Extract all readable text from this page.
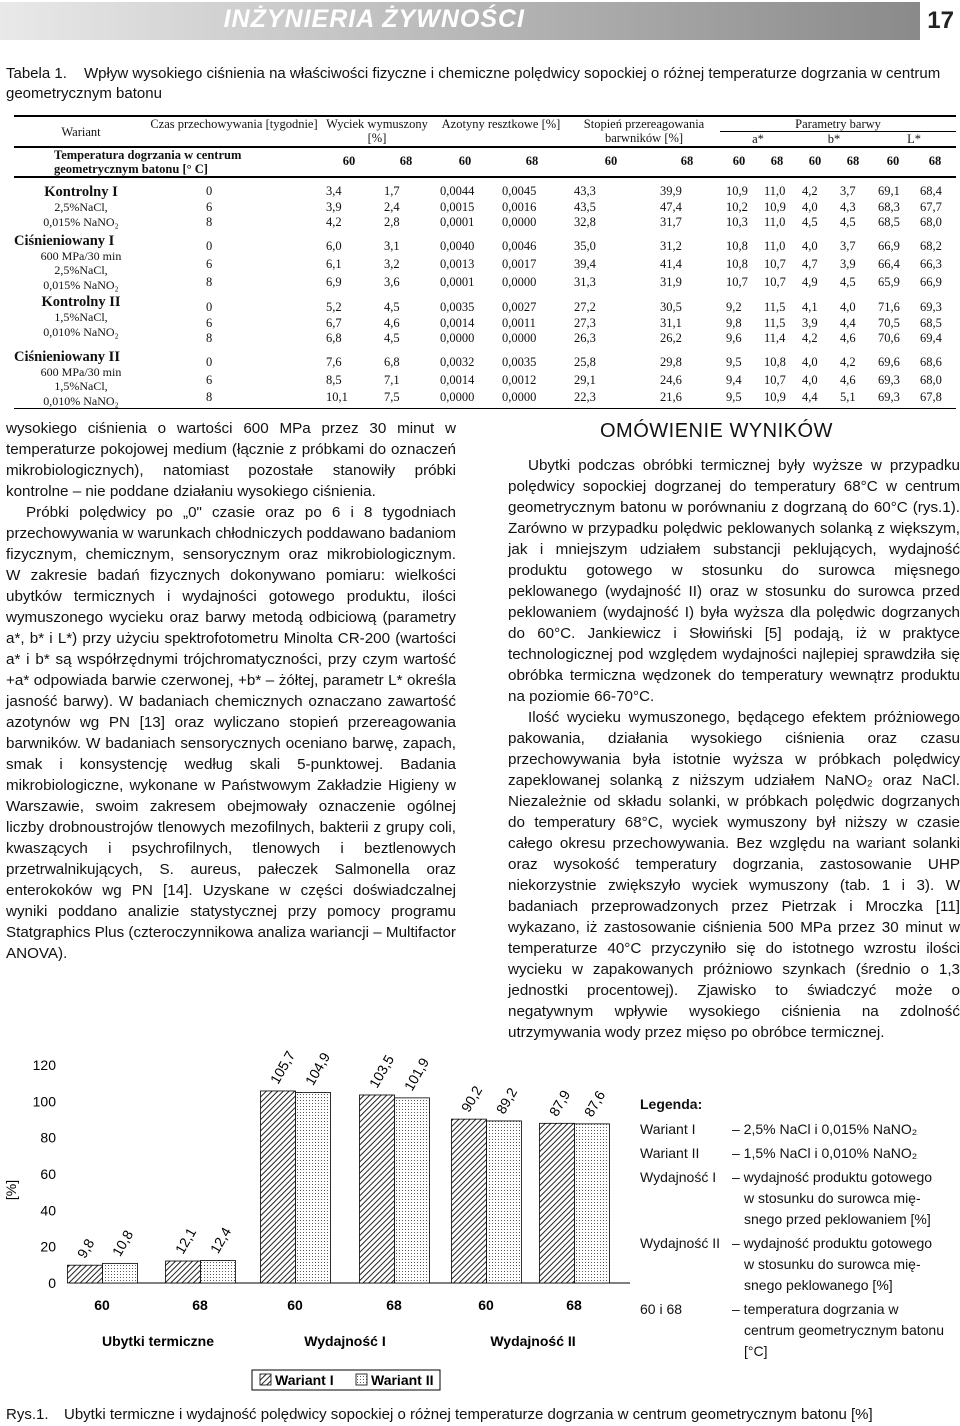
INŻYNIERIA ŻYWNOŚCI	17
Tabela 1. Wpływ wysokiego ciśnienia na właściwości fizyczne i chemiczne polędwicy sopockiej o różnej temperaturze dogrzania w centrum geometrycznym batonu
Wariant	Czas przechowywania [tygodnie]	Wyciek wymuszony [%]		Azotyny resztkowe [%]		Stopień przereagowania barwników [%]		Parametry barwy					
								a*		b*		L*	
Temperatura dogrzania w centrum geometrycznym batonu [° C]		60	68	60	68	60	68	60	68	60	68	60	68

Kontrolny I
2,5%NaCl,
0,015% NaNO₂	0	3,4	1,7	0,0044	0,0045	43,3	39,9	10,9	11,0	4,2	3,7	69,1	68,4
	6	3,9	2,4	0,0015	0,0016	43,5	47,4	10,2	10,9	4,0	4,3	68,3	67,7
	8	4,2	2,8	0,0001	0,0000	32,8	31,7	10,3	11,0	4,5	4,5	68,5	68,0

Ciśnieniowany I
600 MPa/30 min
2,5%NaCl,
0,015% NaNO₂	0	6,0	3,1	0,0040	0,0046	35,0	31,2	10,8	11,0	4,0	3,7	66,9	68,2
	6	6,1	3,2	0,0013	0,0017	39,4	41,4	10,8	10,7	4,7	3,9	66,4	66,3
	8	6,9	3,6	0,0001	0,0000	31,3	31,9	10,7	10,7	4,9	4,5	65,9	66,9

Kontrolny II
1,5%NaCl,
0,010% NaNO₂	0	5,2	4,5	0,0035	0,0027	27,2	30,5	9,2	11,5	4,1	4,0	71,6	69,3
	6	6,7	4,6	0,0014	0,0011	27,3	31,1	9,8	11,5	3,9	4,4	70,5	68,5
	8	6,8	4,5	0,0000	0,0000	26,3	26,2	9,6	11,4	4,2	4,6	70,6	69,4

Ciśnieniowany II
600 MPa/30 min
1,5%NaCl,
0,010% NaNO₂	0	7,6	6,8	0,0032	0,0035	25,8	29,8	9,5	10,8	4,0	4,2	69,6	68,6
	6	8,5	7,1	0,0014	0,0012	29,1	24,6	9,4	10,7	4,0	4,6	69,3	68,0
	8	10,1	7,5	0,0000	0,0000	22,3	21,6	9,5	10,9	4,4	5,1	69,3	67,8

wysokiego ciśnienia o wartości 600 MPa przez 30 minut w temperaturze pokojowej medium (łącznie z próbkami do oznaczeń mikrobiologicznych), natomiast pozostałe stanowiły próbki kontrolne – nie poddane działaniu wysokiego ciśnienia.

Próbki polędwicy po „0" czasie oraz po 6 i 8 tygodniach przechowywania w warunkach chłodniczych poddawano badaniom fizycznym, chemicznym, sensorycznym oraz mikrobiologicznym. W zakresie badań fizycznych dokonywano pomiaru: wielkości ubytków termicznych i wydajności gotowego produktu, ilości wymuszonego wycieku oraz barwy metodą odbiciową (parametry a*, b* i L*) przy użyciu spektrofotometru Minolta CR-200 (wartości a* i b* są współrzędnymi trójchromatyczności, przy czym wartość +a* odpowiada barwie czerwonej, +b* – żółtej, parametr L* określa jasność barwy). W badaniach chemicznych oznaczano zawartość azotynów wg PN [13] oraz wyliczano stopień przereagowania barwników. W badaniach sensorycznych oceniano barwę, zapach, smak i konsystencję według skali 5-punktowej. Badania mikrobiologiczne, wykonane w Państwowym Zakładzie Higieny w Warszawie, swoim zakresem obejmowały oznaczenie ogólnej liczby drobnoustrojów tlenowych mezofilnych, bakterii z grupy coli, kwaszących i psychrofilnych, tlenowych i beztlenowych przetrwalnikujących, S. aureus, pałeczek Salmonella oraz enterokoków wg PN [14]. Uzyskane w części doświadczalnej wyniki poddano analizie statystycznej przy pomocy programu Statgraphics Plus (czteroczynnikowa analiza wariancji – Multifactor ANOVA).

OMÓWIENIE WYNIKÓW

Ubytki podczas obróbki termicznej były wyższe w przypadku polędwicy sopockiej dogrzanej do temperatury 68°C w centrum geometrycznym batonu w porównaniu z dogrzaną do 60°C (rys.1). Zarówno w przypadku polędwic peklowanych solanką z większym, jak i mniejszym udziałem substancji peklujących, wydajność produktu gotowego w stosunku do surowca mięsnego peklowanego (wydajność II) oraz w stosunku do surowca przed peklowaniem (wydajność I) była wyższa dla polędwic dogrzanych do 60°C. Jankiewicz i Słowiński [5] podają, iż w praktyce technologicznej pod względem wydajności najlepiej sprawdziła się obróbka termiczna wędzonek do temperatury wewnątrz produktu na poziomie 66-70°C.

Ilość wycieku wymuszonego, będącego efektem próżniowego pakowania, działania wysokiego ciśnienia oraz czasu przechowywania była istotnie wyższa w próbkach polędwicy zapeklowanej solanką z niższym udziałem NaNO₂ oraz NaCl. Niezależnie od składu solanki, w próbkach polędwic dogrzanych do temperatury 68°C, wyciek wymuszony był niższy w czasie całego okresu przechowywania. Bez względu na wariant solanki oraz wysokość temperatury dogrzania, zastosowanie UHP niekorzystnie zwiększyło wyciek wymuszony (tab. 1 i 3). W badaniach przeprowadzonych przez Pietrzak i Mroczka [11] wykazano, iż zastosowanie ciśnienia 500 MPa przez 30 minut w temperaturze 40°C przyczyniło się do istotnego wzrostu ilości wycieku w zapakowanych próżniowo szynkach (średnio o 1,3 jednostki procentowej). Zjawisko to świadczyć może o negatywnym wpływie wysokiego ciśnienia na zdolność utrzymywania wody przez mięso po obróbce termicznej.

0
20
40
60
80
100
120
[%]
60	68	60	68	60	68
Ubytki termiczne	Wydajność I	Wydajność II
9,8 10,8	12,1 12,4
105,7 104,9 103,5 101,9
90,2 89,2 87,9 87,6
Wariant I	Wariant II
Legenda:
Wariant I	– 2,5% NaCl i 0,015% NaNO₂
Wariant II	– 1,5% NaCl i 0,010% NaNO₂
Wydajność I	– wydajność produktu gotowego
w stosunku do surowca mię-
snego przed peklowaniem [%]
Wydajność II – wydajność produktu gotowego
w stosunku do surowca mię-
snego peklowanego [%]
60 i 68	– temperatura dogrzania w
centrum geometrycznym batonu
[°C]
Rys.1. Ubytki termiczne i wydajność polędwicy sopockiej o różnej temperaturze dogrzania w centrum geometrycznym batonu [%]
